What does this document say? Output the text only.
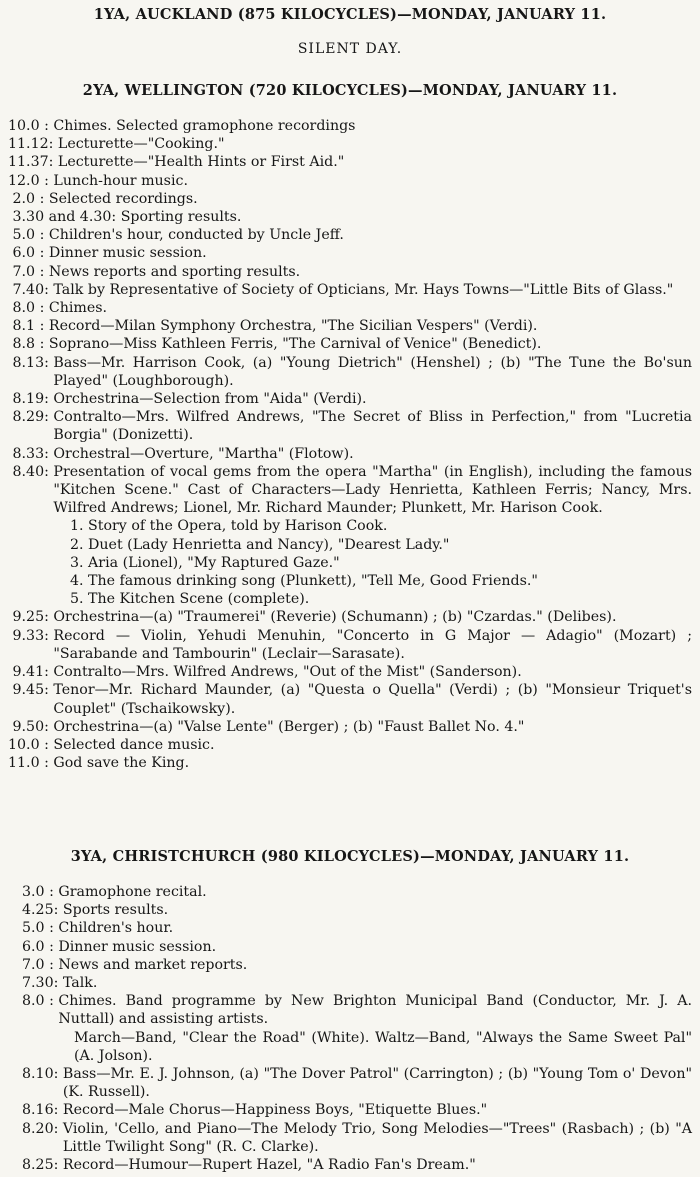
1YA, AUCKLAND (875 KILOCYCLES)—MONDAY, JANUARY 11.
SILENT DAY.
2YA, WELLINGTON (720 KILOCYCLES)—MONDAY, JANUARY 11.
10.0 : Chimes. Selected gramophone recordings
11.12 : Lecturette—"Cooking."
11.37 : Lecturette—"Health Hints or First Aid."
12.0 : Lunch-hour music.
2.0 : Selected recordings.
3.30 and 4.30 : Sporting results.
5.0 : Children's hour, conducted by Uncle Jeff.
6.0 : Dinner music session.
7.0 : News reports and sporting results.
7.40 : Talk by Representative of Society of Opticians, Mr. Hays Towns—"Little Bits of Glass."
8.0 : Chimes.
8.1 : Record—Milan Symphony Orchestra, "The Sicilian Vespers" (Verdi).
8.8 : Soprano—Miss Kathleen Ferris, "The Carnival of Venice" (Benedict).
8.13 : Bass—Mr. Harrison Cook, (a) "Young Dietrich" (Henshel) ; (b) "The Tune the Bo'sun Played" (Loughborough).
8.19 : Orchestrina—Selection from "Aida" (Verdi).
8.29 : Contralto—Mrs. Wilfred Andrews, "The Secret of Bliss in Perfection," from "Lucretia Borgia" (Donizetti).
8.33 : Orchestral—Overture, "Martha" (Flotow).
8.40 : Presentation of vocal gems from the opera "Martha" (in English), including the famous "Kitchen Scene." Cast of Characters—Lady Henrietta, Kathleen Ferris; Nancy, Mrs. Wilfred Andrews; Lionel, Mr. Richard Maunder; Plunkett, Mr. Harison Cook.
1. Story of the Opera, told by Harison Cook.
2. Duet (Lady Henrietta and Nancy), "Dearest Lady."
3. Aria (Lionel), "My Raptured Gaze."
4. The famous drinking song (Plunkett), "Tell Me, Good Friends."
5. The Kitchen Scene (complete).
9.25 : Orchestrina—(a) "Traumerei" (Reverie) (Schumann) ; (b) "Czardas." (Delibes).
9.33 : Record — Violin, Yehudi Menuhin, "Concerto in G Major — Adagio" (Mozart) ; "Sarabande and Tambourin" (Leclair—Sarasate).
9.41 : Contralto—Mrs. Wilfred Andrews, "Out of the Mist" (Sanderson).
9.45 : Tenor—Mr. Richard Maunder, (a) "Questa o Quella" (Verdi) ; (b) "Monsieur Triquet's Couplet" (Tschaikowsky).
9.50 : Orchestrina—(a) "Valse Lente" (Berger) ; (b) "Faust Ballet No. 4."
10.0 : Selected dance music.
11.0 : God save the King.
3YA, CHRISTCHURCH (980 KILOCYCLES)—MONDAY, JANUARY 11.
3.0 : Gramophone recital.
4.25 : Sports results.
5.0 : Children's hour.
6.0 : Dinner music session.
7.0 : News and market reports.
7.30 : Talk.
8.0 : Chimes. Band programme by New Brighton Municipal Band (Conductor, Mr. J. A. Nuttall) and assisting artists.
March—Band, "Clear the Road" (White). Waltz—Band, "Always the Same Sweet Pal" (A. Jolson).
8.10 : Bass—Mr. E. J. Johnson, (a) "The Dover Patrol" (Carrington) ; (b) "Young Tom o' Devon" (K. Russell).
8.16 : Record—Male Chorus—Happiness Boys, "Etiquette Blues."
8.20 : Violin, 'Cello, and Piano—The Melody Trio, Song Melodies—"Trees" (Rasbach) ; (b) "A Little Twilight Song" (R. C. Clarke).
8.25 : Record—Humour—Rupert Hazel, "A Radio Fan's Dream."
